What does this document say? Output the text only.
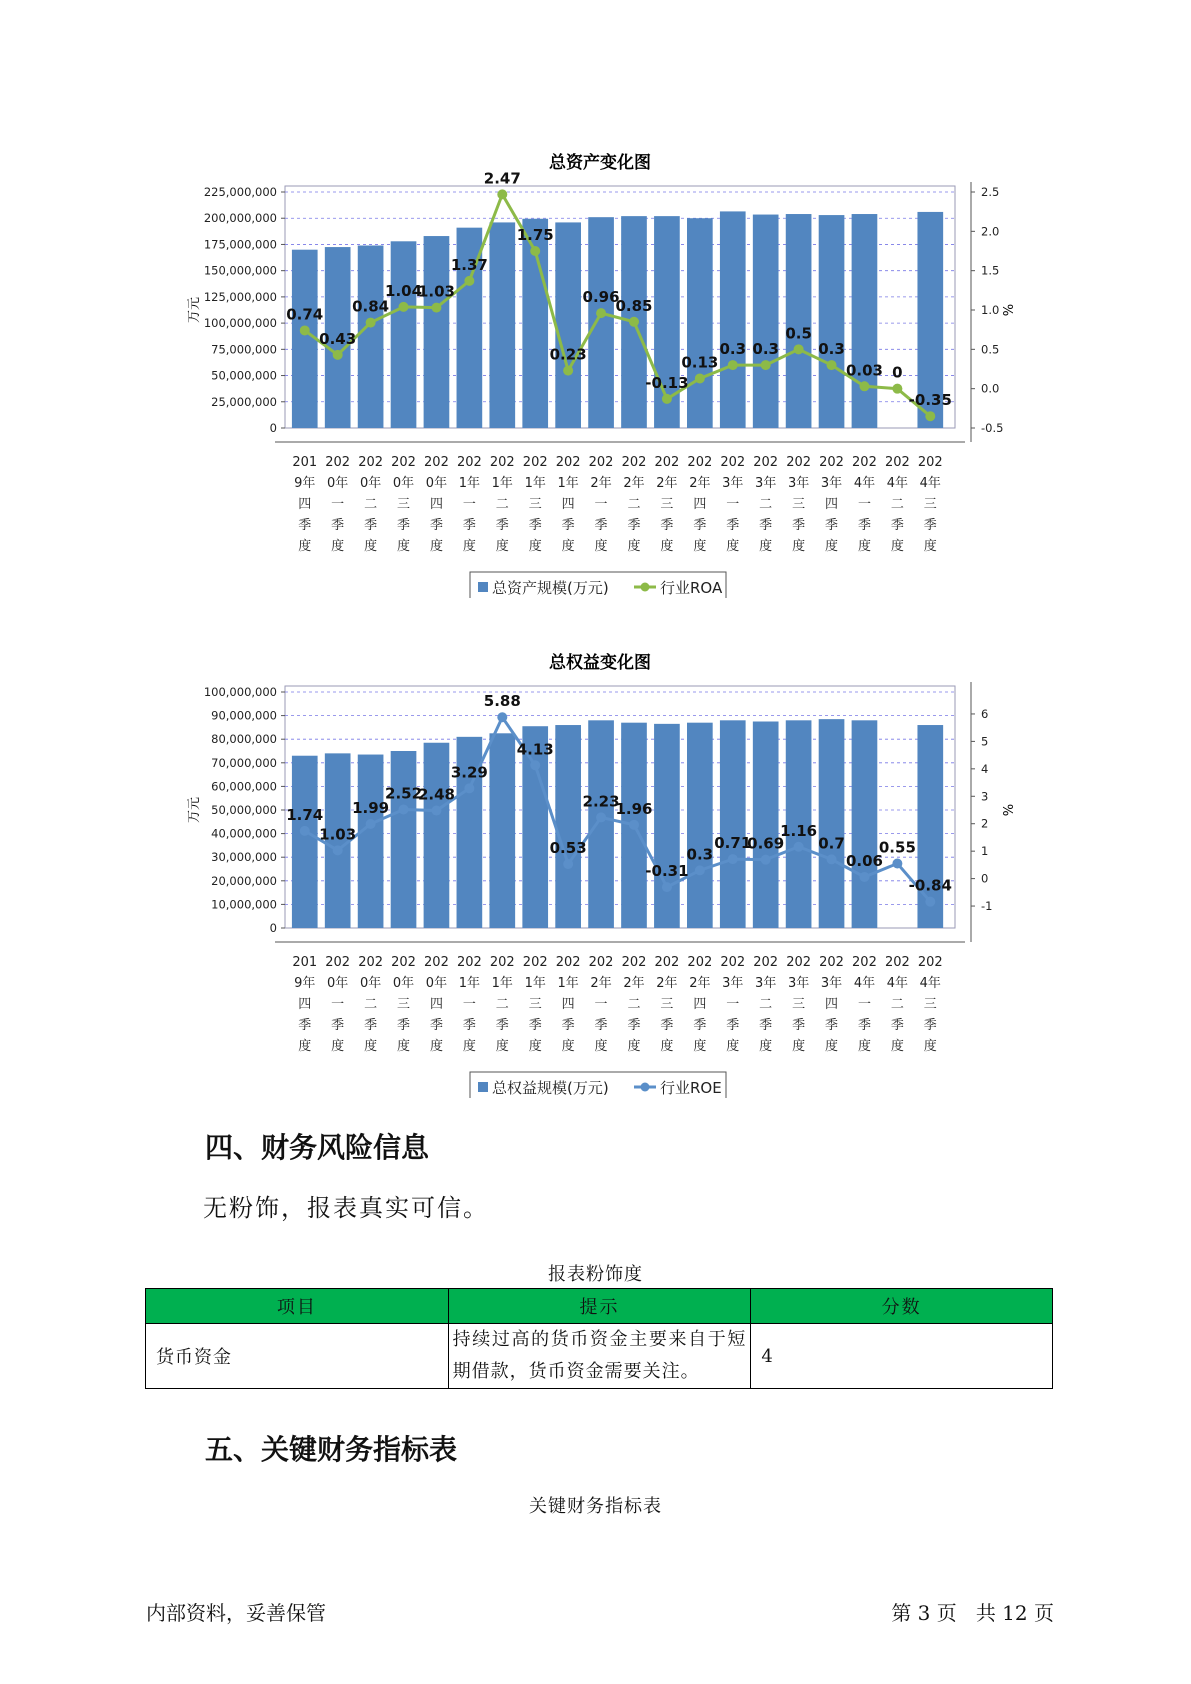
总资产变化图
225,000,000
200,000,000
175,000,000
150,000,000
125,000,000
100,000,000
75,000,000
50,000,000
25,000,000
0
万元
2.5
2.0
1.5
1.0
0.5
0.0
-0.5
%
0.74
0.43
0.84
1.04
1.03
1.37
2.47
1.75
0.23
0.96
0.85
-0.13
0.13
0.3 0.3
0.5
0.3
0.03 0
-0.35
201
9年
四
季
度
202
0年
一
季
度
202
0年
二
季
度
202
0年
三
季
度
202
0年
四
季
度
202
1年
一
季
度
202
1年
二
季
度
202
1年
三
季
度
202
1年
四
季
度
202
2年
一
季
度
202
2年
二
季
度
202
2年
三
季
度
202
2年
四
季
度
202
3年
一
季
度
202
3年
二
季
度
202
3年
三
季
度
202
3年
四
季
度
202
4年
一
季
度
202
4年
二
季
度
202
4年
三
季
度
总资产规模(万元)	行业ROA
总权益变化图
100,000,000
90,000,000
80,000,000
70,000,000
60,000,000
50,000,000
40,000,000
30,000,000
20,000,000
10,000,000
0
万元
6
5
4
3
2
1
0
-1
%
1.74
1.03
1.99
2.52
2.48
3.29
5.88
4.13
0.53
2.23
1.96
-0.31
0.3
0.71
0.69
1.16
0.7
0.06
0.55
-0.84
201
9年
四
季
度
202
0年
一
季
度
202
0年
二
季
度
202
0年
三
季
度
202
0年
四
季
度
202
1年
一
季
度
202
1年
二
季
度
202
1年
三
季
度
202
1年
四
季
度
202
2年
一
季
度
202
2年
二
季
度
202
2年
三
季
度
202
2年
四
季
度
202
3年
一
季
度
202
3年
二
季
度
202
3年
三
季
度
202
3年
四
季
度
202
4年
一
季
度
202
4年
二
季
度
202
4年
三
季
度
总权益规模(万元)	行业ROE
四、财务风险信息

无粉饰，报表真实可信。

报表粉饰度

项目	提示	分数
货币资金	持续过高的货币资金主要来自于短期借款，货币资金需要关注。	4
五、关键财务指标表

关键财务指标表

内部资料，妥善保管	第 3 页   共 12 页
